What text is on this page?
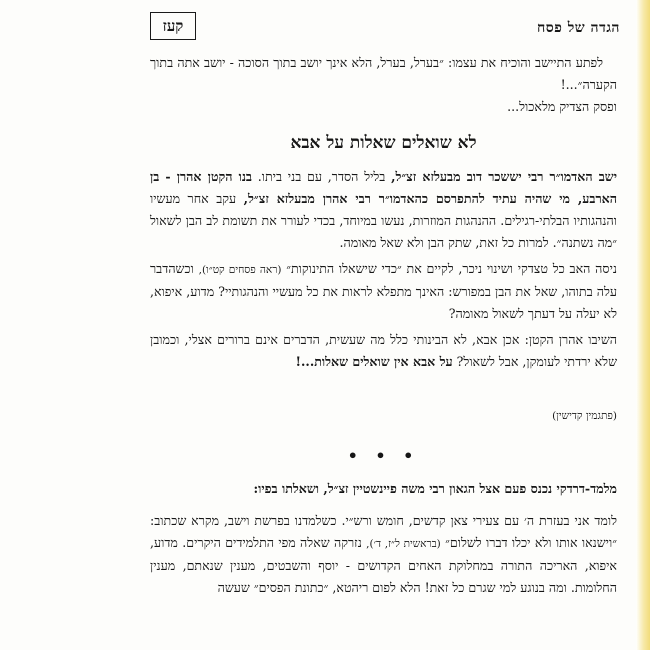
הגדה של פסח
קעז

לפתע התיישב והוכיח את עצמו: ״בערל, בערל, הלא אינך יושב בתוך הסוכה - יושב אתה בתוך הקערה״...!

ופסק הצדיק מלאכול...

לא שואלים שאלות על אבא

ישב האדמו״ר רבי יששכר דוב מבעלזא זצ״ל, בליל הסדר, עם בני ביתו. בנו הקטן אהרן - בן הארבע, מי שהיה עתיד להתפרסם כהאדמו״ר רבי אהרן מבעלזא זצ״ל, עקב אחר מעשיו והנהגותיו הבלתי-רגילים. ההנהגות המוזרות, נעשו במיוחד, בכדי לעורר את תשומת לב הבן לשאול ״מה נשתנה״. למרות כל זאת, שתק הבן ולא שאל מאומה.

ניסה האב כל טצדקי ושינוי ניכר, לקיים את ״כדי שישאלו התינוקות״ (ראה פסחים קט״ו), וכשהדבר עלה בתוהו, שאל את הבן במפורש: האינך מתפלא לראות את כל מעשיי והנהגותיי? מדוע, איפוא, לא יעלה על דעתך לשאול מאומה?

השיבו אהרן הקטן: אכן אבא, לא הבינותי כלל מה שעשית, הדברים אינם ברורים אצלי, וכמובן שלא ירדתי לעומקן, אבל לשאול? על אבא אין שואלים שאלות...!

(פתגמין קדישין)
• • •

מלמד-דרדקי נכנס פעם אצל הגאון רבי משה פיינשטיין זצ״ל, ושאלתו בפיו:

לומד אני בעזרת ה׳ עם צעירי צאן קדשים, חומש ורש״י. כשלמדנו בפרשת וישב, מקרא שכתוב: ״וישנאו אותו ולא יכלו דברו לשלום״ (בראשית ל״ז, ד׳), נזרקה שאלה מפי התלמידים היקרים. מדוע, איפוא, האריכה התורה במחלוקת האחים הקדושים - יוסף והשבטים, מענין שנאתם, מענין החלומות. ומה בנוגע למי שגרם כל זאת! הלא לפום ריהטא, ״כתונת הפסים״ שעשה
